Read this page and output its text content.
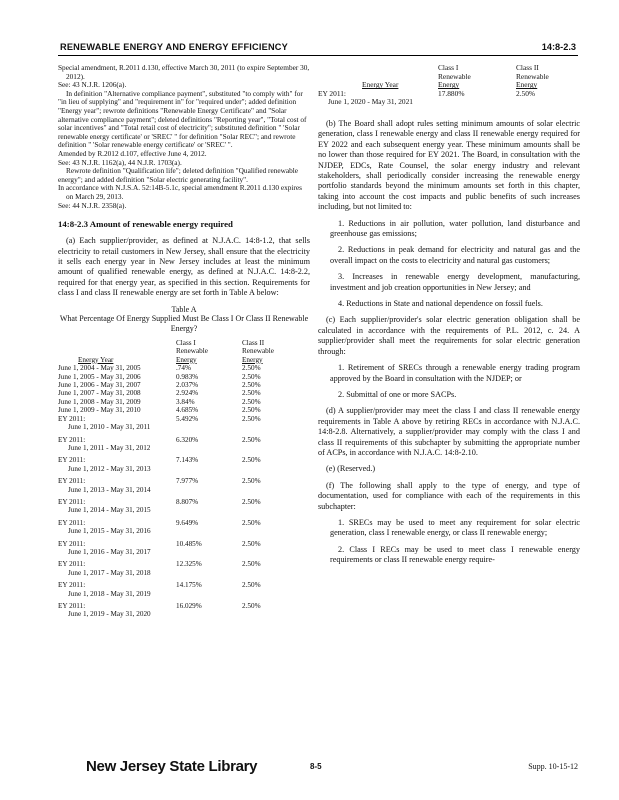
RENEWABLE ENERGY AND ENERGY EFFICIENCY	14:8-2.3

Special amendment, R.2011 d.130, effective March 30, 2011 (to expire September 30, 2012).

See: 43 N.J.R. 1206(a).

In definition "Alternative compliance payment", substituted "to comply with" for "in lieu of supplying" and "requirement in" for "required under"; added definition "Energy year"; rewrote definitions "Renewable Energy Certificate" and "Solar alternative compliance payment"; deleted definitions "Reporting year", "Total cost of solar incentives" and "Total retail cost of electricity"; substituted definition " 'Solar renewable energy certificate' or 'SREC' " for definition "Solar REC"; and rewrote definition " 'Solar renewable energy certificate' or 'SREC' ".

Amended by R.2012 d.107, effective June 4, 2012.

See: 43 N.J.R. 1162(a), 44 N.J.R. 1703(a).

Rewrote definition "Qualification life"; deleted definition "Qualified renewable energy"; and added definition "Solar electric generating facility".

In accordance with N.J.S.A. 52:14B-5.1c, special amendment R.2011 d.130 expires on March 29, 2013.

See: 44 N.J.R. 2358(a).

14:8-2.3 Amount of renewable energy required

(a) Each supplier/provider, as defined at N.J.A.C. 14:8-1.2, that sells electricity to retail customers in New Jersey, shall ensure that the electricity it sells each energy year in New Jersey includes at least the minimum amount of qualified renewable energy, as defined at N.J.A.C. 14:8-2.2, required for that energy year, as specified in this section. Requirements for class I and class II renewable energy are set forth in Table A below:

Table A
What Percentage Of Energy Supplied Must Be Class I Or Class II Renewable Energy?
	Class I	Class II
	Renewable	Renewable
Energy Year	Energy	Energy
June 1, 2004 - May 31, 2005	.74%	2.50%
June 1, 2005 - May 31, 2006	0.983%	2.50%
June 1, 2006 - May 31, 2007	2.037%	2.50%
June 1, 2007 - May 31, 2008	2.924%	2.50%
June 1, 2008 - May 31, 2009	3.84%	2.50%
June 1, 2009 - May 31, 2010	4.685%	2.50%
EY 2011:	5.492%	2.50%
June 1, 2010 - May 31, 2011		
EY 2011:	6.320%	2.50%
June 1, 2011 - May 31, 2012		
EY 2011:	7.143%	2.50%
June 1, 2012 - May 31, 2013		
EY 2011:	7.977%	2.50%
June 1, 2013 - May 31, 2014		
EY 2011:	8.807%	2.50%
June 1, 2014 - May 31, 2015		
EY 2011:	9.649%	2.50%
June 1, 2015 - May 31, 2016		
EY 2011:	10.485%	2.50%
June 1, 2016 - May 31, 2017		
EY 2011:	12.325%	2.50%
June 1, 2017 - May 31, 2018		
EY 2011:	14.175%	2.50%
June 1, 2018 - May 31, 2019		
EY 2011:	16.029%	2.50%
June 1, 2019 - May 31, 2020		
	Class I	Class II
	Renewable	Renewable
Energy Year	Energy	Energy
EY 2011:	17.880%	2.50%
June 1, 2020 - May 31, 2021		

(b) The Board shall adopt rules setting minimum amounts of solar electric generation, class I renewable energy and class II renewable energy required for EY 2022 and each subsequent energy year. These minimum amounts shall be no lower than those required for EY 2021. The Board, in consultation with the NJDEP, EDCs, Rate Counsel, the solar energy industry and relevant stakeholders, shall periodically consider increasing the renewable energy portfolio standards beyond the minimum amounts set forth in this chapter, taking into account the cost impacts and public benefits of such increases including, but not limited to:

1. Reductions in air pollution, water pollution, land disturbance and greenhouse gas emissions;

2. Reductions in peak demand for electricity and natural gas and the overall impact on the costs to electricity and natural gas customers;

3. Increases in renewable energy development, manufacturing, investment and job creation opportunities in New Jersey; and

4. Reductions in State and national dependence on fossil fuels.

(c) Each supplier/provider's solar electric generation obligation shall be calculated in accordance with the requirements of P.L. 2012, c. 24. A supplier/provider shall meet the requirements for solar electric generation through:

1. Retirement of SRECs through a renewable energy trading program approved by the Board in consultation with the NJDEP; or

2. Submittal of one or more SACPs.

(d) A supplier/provider may meet the class I and class II renewable energy requirements in Table A above by retiring RECs in accordance with N.J.A.C. 14:8-2.8. Alternatively, a supplier/provider may comply with the class I and class II requirements of this subchapter by submitting the appropriate number of ACPs, in accordance with N.J.A.C. 14:8-2.10.

(e) (Reserved.)

(f) The following shall apply to the type of energy, and type of documentation, used for compliance with each of the requirements in this subchapter:

1. SRECs may be used to meet any requirement for solar electric generation, class I renewable energy, or class II renewable energy;

2. Class I RECs may be used to meet class I renewable energy requirements or class II renewable energy require-

New Jersey State Library	8-5	Supp. 10-15-12
